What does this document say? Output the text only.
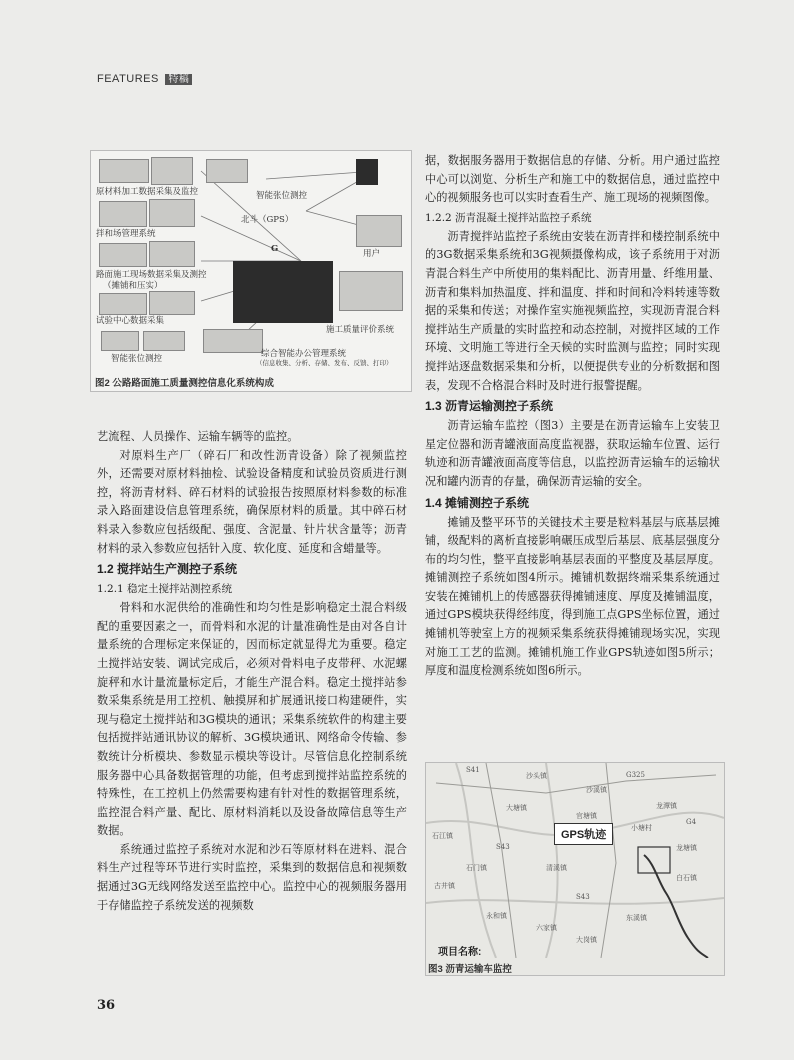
FEATURES 特稿
原材料加工数据采集及监控
拌和场管理系统
路面施工现场数据采集及测控
（摊铺和压实）
试验中心数据采集
智能张位测控
智能张位测控
北斗（GPS）
G	用户
施工质量评价系统
综合智能办公管理系统
（信息收集、分析、存储、发布、反馈、打印）
图2 公路路面施工质量测控信息化系统构成

艺流程、人员操作、运输车辆等的监控。

对原料生产厂（碎石厂和改性沥青设备）除了视频监控外，还需要对原材料抽检、试验设备精度和试验员资质进行测控，将沥青材料、碎石材料的试验报告按照原材料参数的标准录入路面建设信息管理系统，确保原材料的质量。其中碎石材料录入参数应包括级配、强度、含泥量、针片状含量等；沥青材料的录入参数应包括针入度、软化度、延度和含蜡量等。

1.2 搅拌站生产测控子系统
1.2.1 稳定土搅拌站测控系统

骨料和水泥供给的准确性和均匀性是影响稳定土混合料级配的重要因素之一，而骨料和水泥的计量准确性是由对各自计量系统的合理标定来保证的，因而标定就显得尤为重要。稳定土搅拌站安装、调试完成后，必须对骨料电子皮带秤、水泥螺旋秤和水计量流量标定后，才能生产混合料。稳定土搅拌站参数采集系统是用工控机、触摸屏和扩展通讯接口构建硬件，实现与稳定土搅拌站和3G模块的通讯；采集系统软件的构建主要包括搅拌站通讯协议的解析、3G模块通讯、网络命令传输、参数统计分析模块、参数显示模块等设计。尽管信息化控制系统服务器中心具备数据管理的功能，但考虑到搅拌站监控系统的特殊性，在工控机上仍然需要构建有针对性的数据管理系统，监控混合料产量、配比、原材料消耗以及设备故障信息等生产数据。

系统通过监控子系统对水泥和沙石等原材料在进料、混合料生产过程等环节进行实时监控，采集到的数据信息和视频数据通过3G无线网络发送至监控中心。监控中心的视频服务器用于存储监控子系统发送的视频数

据，数据服务器用于数据信息的存储、分析。用户通过监控中心可以浏览、分析生产和施工中的数据信息，通过监控中心的视频服务也可以实时查看生产、施工现场的视频图像。

1.2.2 沥青混凝土搅拌站监控子系统

沥青搅拌站监控子系统由安装在沥青拌和楼控制系统中的3G数据采集系统和3G视频摄像构成，该子系统用于对沥青混合料生产中所使用的集料配比、沥青用量、纤维用量、沥青和集料加热温度、拌和温度、拌和时间和冷料转速等数据的采集和传送；对操作室实施视频监控，实现沥青混合料搅拌站生产质量的实时监控和动态控制，对搅拌区域的工作环境、文明施工等进行全天候的实时监测与监控；同时实现搅拌站逐盘数据采集和分析，以便提供专业的分析数据和图表，发现不合格混合料时及时进行报警提醒。

1.3 沥青运输测控子系统

沥青运输车监控（图3）主要是在沥青运输车上安装卫星定位器和沥青罐液面高度监视器，获取运输车位置、运行轨迹和沥青罐液面高度等信息，以监控沥青运输车的运输状况和罐内沥青的存量，确保沥青运输的安全。

1.4 摊铺测控子系统

摊铺及整平环节的关键技术主要是粒料基层与底基层摊铺，级配料的离析直接影响碾压成型后基层、底基层强度分布的均匀性，整平直接影响基层表面的平整度及基层厚度。摊铺测控子系统如图4所示。摊铺机数据终端采集系统通过安装在摊铺机上的传感器获得摊铺速度、厚度及摊铺温度，通过GPS模块获得经纬度，得到施工点GPS坐标位置，通过摊铺机等驶室上方的视频采集系统获得摊铺现场实况，实现对施工工艺的监测。摊铺机施工作业GPS轨迹如图5所示；厚度和温度检测系统如图6所示。

GPS轨迹
S41
G325
S43
G4
S43
沙溪镇
大塘镇
石江镇
龙潭镇
石门镇
古井镇
清溪镇
六家镇
东溪镇
永和镇
白石镇
龙塘镇
沙头镇
官塘镇
小塘村
大岗镇
项目名称:
图3 沥青运输车监控
36
